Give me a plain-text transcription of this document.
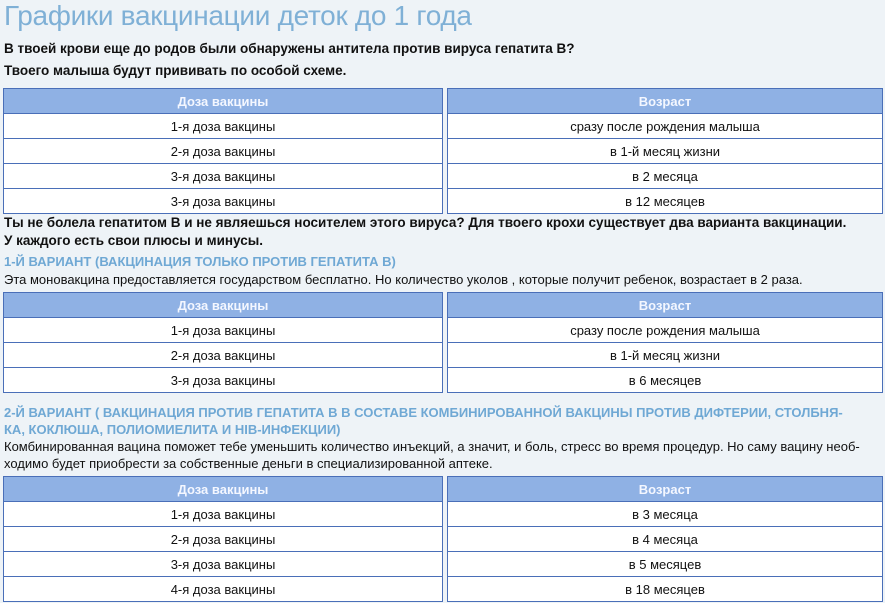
Графики вакцинации деток до 1 года
В твоей крови еще до родов были обнаружены антитела против вируса гепатита В?
Твоего малыша будут прививать по особой схеме.
Доза вакцины		Возраст
1-я доза вакцины		сразу после рождения малыша
2-я доза вакцины		в 1-й месяц жизни
3-я доза вакцины		в 2 месяца
3-я доза вакцины		в 12 месяцев
Ты не болела гепатитом В и не являешься носителем этого вируса? Для твоего крохи существует два варианта вакцинации.
У каждого есть свои плюсы и минусы.
1-Й ВАРИАНТ (ВАКЦИНАЦИЯ ТОЛЬКО ПРОТИВ ГЕПАТИТА В)
Эта моновакцина предоставляется государством бесплатно. Но количество уколов , которые получит ребенок, возрастает в 2 раза.
Доза вакцины		Возраст
1-я доза вакцины		сразу после рождения малыша
2-я доза вакцины		в 1-й месяц жизни
3-я доза вакцины		в 6 месяцев
2-Й ВАРИАНТ ( ВАКЦИНАЦИЯ ПРОТИВ ГЕПАТИТА В В СОСТАВЕ КОМБИНИРОВАННОЙ ВАКЦИНЫ ПРОТИВ ДИФТЕРИИ, СТОЛБНЯ-
КА, КОКЛЮША, ПОЛИОМИЕЛИТА И HIB-ИНФЕКЦИИ)
Комбинированная вацина поможет тебе уменьшить количество инъекций, а значит, и боль, стресс во время процедур. Но саму вацину необ-
ходимо будет приобрести за собственные деньги в специализированной аптеке.
Доза вакцины		Возраст
1-я доза вакцины		в 3 месяца
2-я доза вакцины		в 4 месяца
3-я доза вакцины		в 5 месяцев
4-я доза вакцины		в 18 месяцев
